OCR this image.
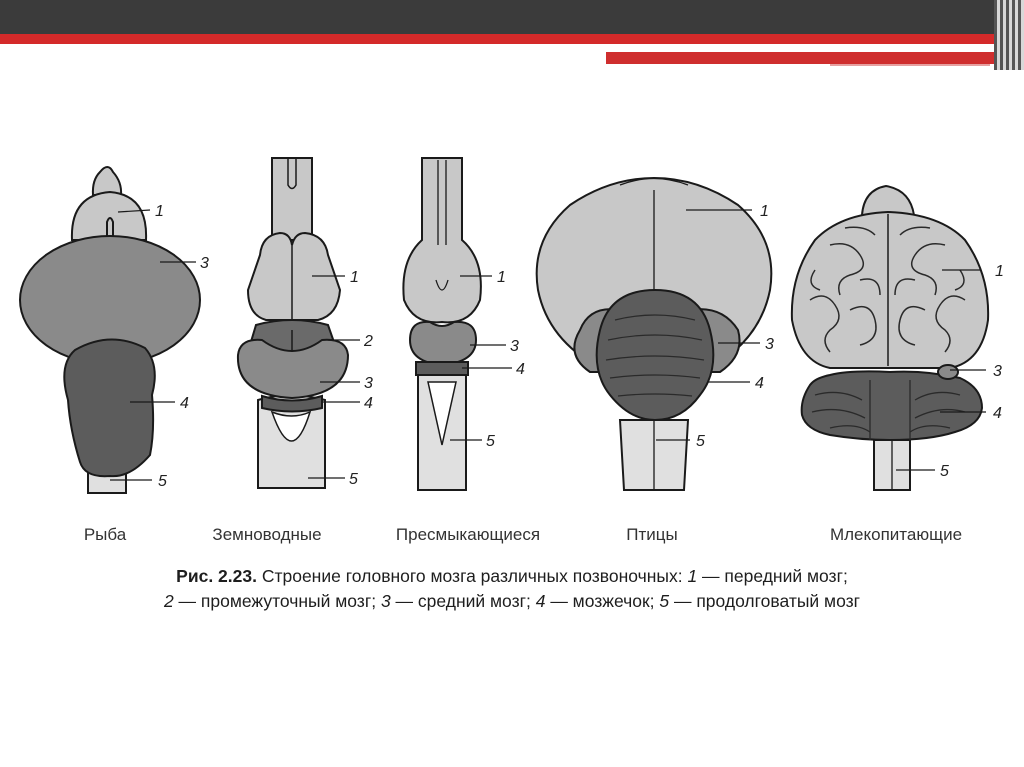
1
3
4
5
Рыба
1
2
3
4
5
Земноводные
1
3
4
5
Пресмыкающиеся
1
3
4
5
Птицы
1
3
4
5
Млекопитающие
Рис. 2.23. Строение головного мозга различных позвоночных: 1 — передний мозг;
2 — промежуточный мозг; 3 — средний мозг; 4 — мозжечок; 5 — продолговатый мозг
